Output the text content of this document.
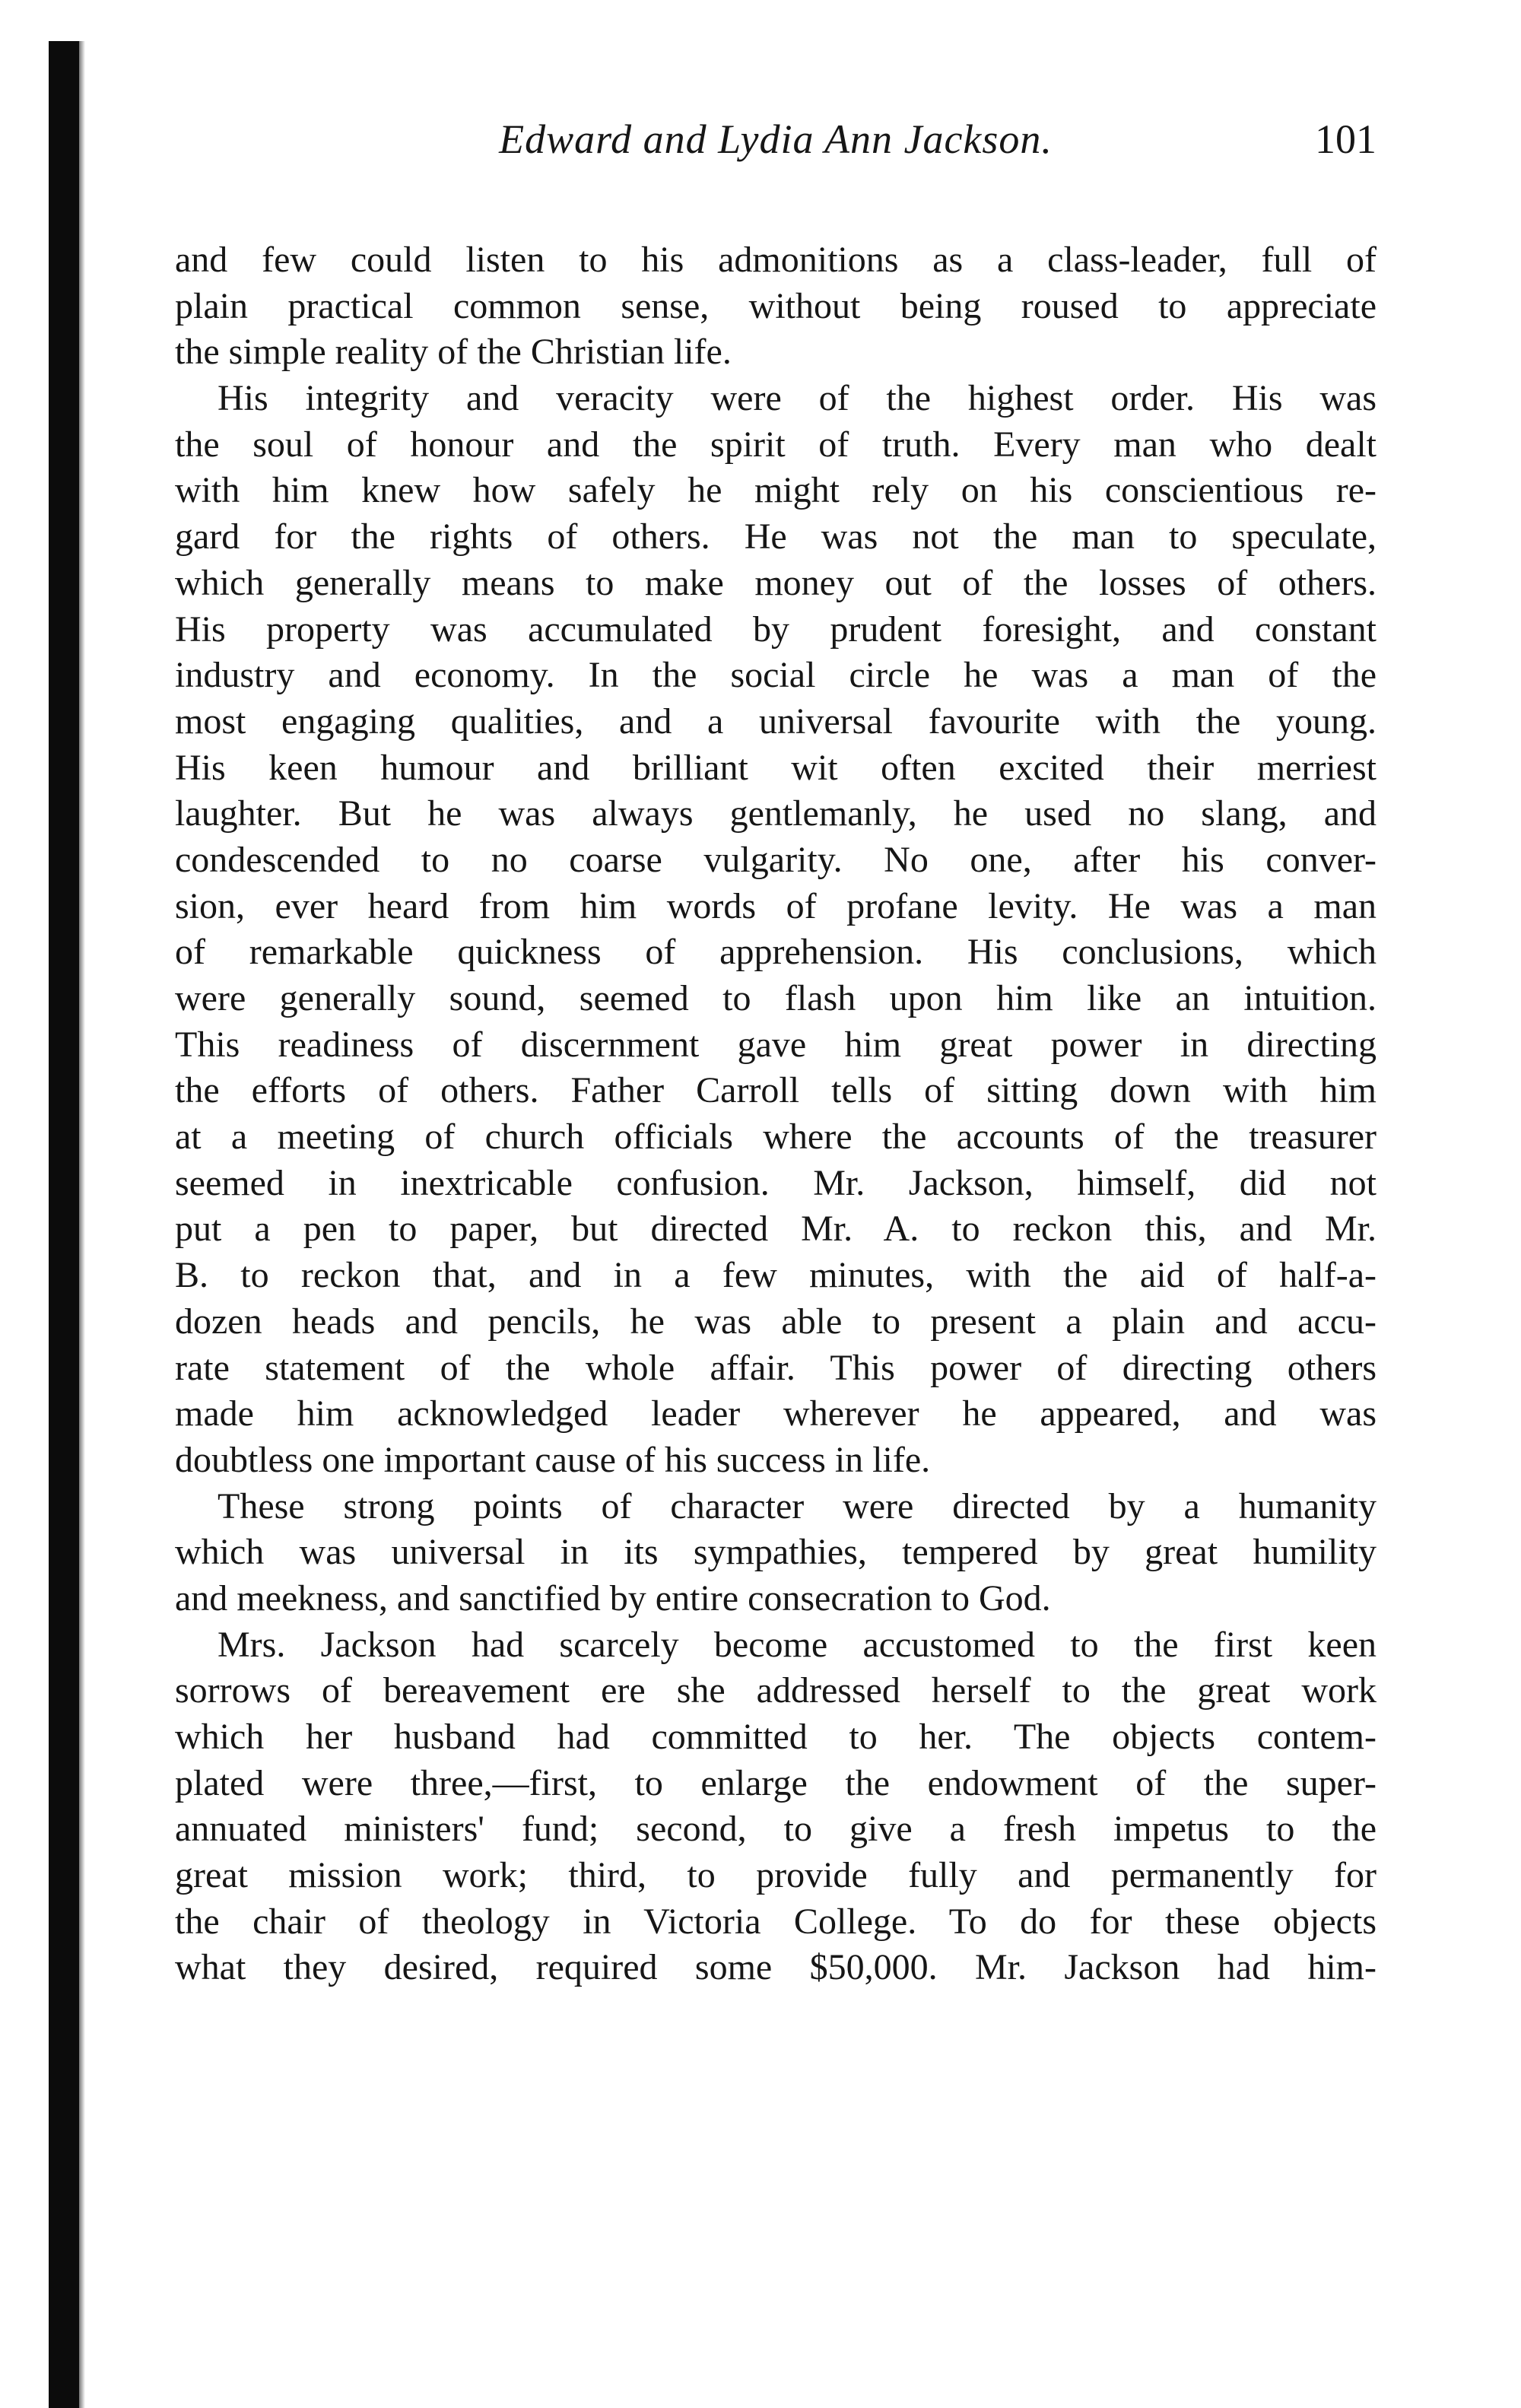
Edward and Lydia Ann Jackson.	101
and few could listen to his admonitions as a class-leader, full of
plain practical common sense, without being roused to appreciate
the simple reality of the Christian life.
His integrity and veracity were of the highest order. His was
the soul of honour and the spirit of truth. Every man who dealt
with him knew how safely he might rely on his conscientious re-
gard for the rights of others. He was not the man to speculate,
which generally means to make money out of the losses of others.
His property was accumulated by prudent foresight, and constant
industry and economy. In the social circle he was a man of the
most engaging qualities, and a universal favourite with the young.
His keen humour and brilliant wit often excited their merriest
laughter. But he was always gentlemanly, he used no slang, and
condescended to no coarse vulgarity. No one, after his conver-
sion, ever heard from him words of profane levity. He was a man
of remarkable quickness of apprehension. His conclusions, which
were generally sound, seemed to flash upon him like an intuition.
This readiness of discernment gave him great power in directing
the efforts of others. Father Carroll tells of sitting down with him
at a meeting of church officials where the accounts of the treasurer
seemed in inextricable confusion. Mr. Jackson, himself, did not
put a pen to paper, but directed Mr. A. to reckon this, and Mr.
B. to reckon that, and in a few minutes, with the aid of half-a-
dozen heads and pencils, he was able to present a plain and accu-
rate statement of the whole affair. This power of directing others
made him acknowledged leader wherever he appeared, and was
doubtless one important cause of his success in life.
These strong points of character were directed by a humanity
which was universal in its sympathies, tempered by great humility
and meekness, and sanctified by entire consecration to God.
Mrs. Jackson had scarcely become accustomed to the first keen
sorrows of bereavement ere she addressed herself to the great work
which her husband had committed to her. The objects contem-
plated were three,—first, to enlarge the endowment of the super-
annuated ministers' fund; second, to give a fresh impetus to the
great mission work; third, to provide fully and permanently for
the chair of theology in Victoria College. To do for these objects
what they desired, required some $50,000. Mr. Jackson had him-
